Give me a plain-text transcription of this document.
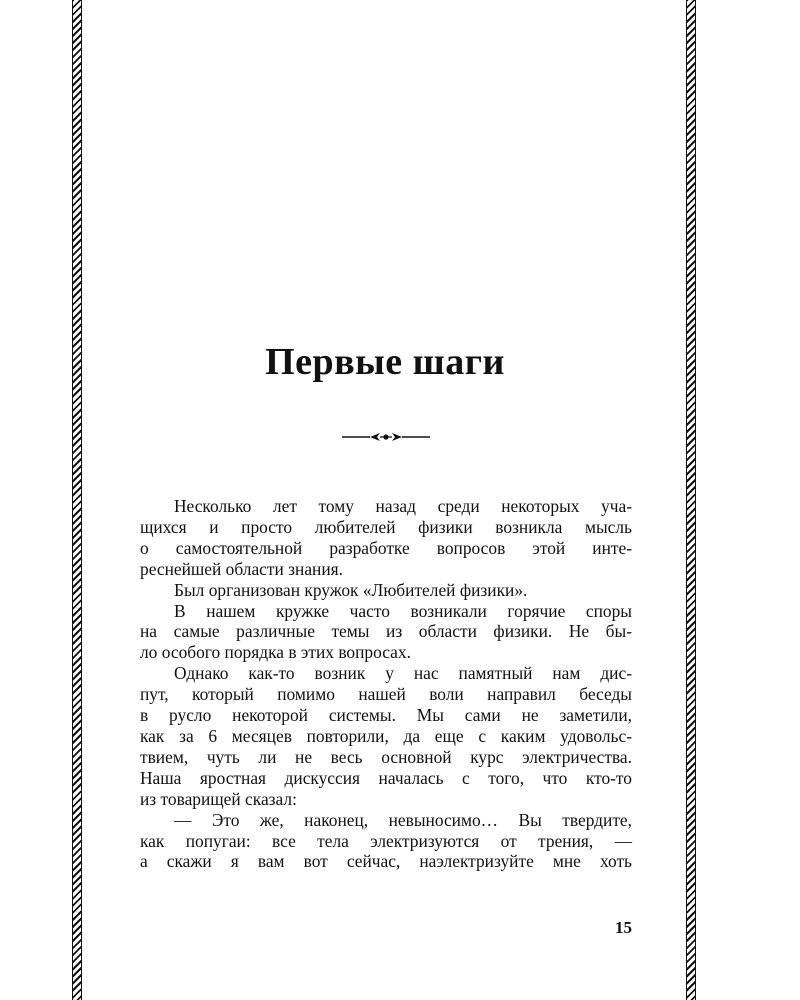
Первые шаги
Несколько лет тому назад среди некоторых уча-
щихся и просто любителей физики возникла мысль
о самостоятельной разработке вопросов этой инте-
реснейшей области знания.
Был организован кружок «Любителей физики».
В нашем кружке часто возникали горячие споры
на самые различные темы из области физики. Не бы-
ло особого порядка в этих вопросах.
Однако как-то возник у нас памятный нам дис-
пут, который помимо нашей воли направил беседы
в русло некоторой системы. Мы сами не заметили,
как за 6 месяцев повторили, да еще с каким удовольс-
твием, чуть ли не весь основной курс электричества.
Наша яростная дискуссия началась с того, что кто-то
из товарищей сказал:
— Это же, наконец, невыносимо… Вы твердите,
как попугаи: все тела электризуются от трения, —
а скажи я вам вот сейчас, наэлектризуйте мне хоть
15
